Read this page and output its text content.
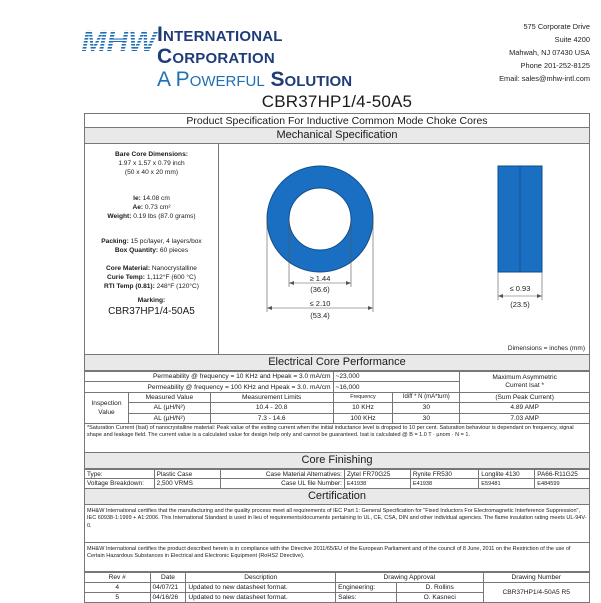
MHW International Corporation
A Powerful Solution
575 Corporate Drive
Suite 4200
Mahwah, NJ 07430 USA
Phone 201-252-8125
Email: sales@mhw-intl.com
CBR37HP1/4-50A5
Product Specification For Inductive Common Mode Choke Cores
Mechanical Specification
Bare Core Dimensions:
1.97 x 1.57 x 0.79 inch
(50 x 40 x 20 mm)
le:
14.08 cm
Ae:
0.73 cm²
Weight:
0.19 lbs (87.0 grams)
Packing:
15 pc/layer, 4 layers/box
Box Quantity:
60 pieces
Core Material:
Nanocrystalline
Curie Temp:
1,112°F (600 °C)
RTI Temp (0.81):
248°F (120°C)
Marking:
CBR37HP1/4-50A5
≥ 1.44
(36.6)
≤ 2.10
(53.4)
≤ 0.93
(23.5)
Dimensions = inches (mm)
Electrical Core Performance
Permeability @ frequency = 10 KHz and Hpeak = 3.0 mA/cm			~23,000		Maximum Asymmetric
Current Isat *

Permeability @ frequency = 100 KHz and Hpeak = 3.0. mA/cm			~16,000		
Inspection Value	Measured Value	Measurement Limits	Frequency	Idiff * N (mA*turn)	(Sum Peak Current)
	AL (µH/N²)	10.4 - 20.8	10 KHz	30	4.89 AMP
	AL (µH/N²)	7.3 - 14.6	100 KHz	30	7.03 AMP
*Saturation Current (Isat) of nanocrystalline material: Peak value of the exiting current when the initial inductance level is dropped to 10 per cent. Saturation behaviour is dependant on frequency, signal shape and leakage field. The current value is a calculated value for design help only and cannot be guaranteed. Isat is calculated @ B = 1.0 T · µnom · N = 1.
Core Finishing
Type:	Plastic Case	Case Material Alternatives:	Zytel FR70G25	Rynite FR530	Longlite 4130	PA66-R11G25
Voltage Breakdown:	2,500 VRMS	Case UL file Number:	E41938	E41938	E59481	E484599
Certification
MH&W International certifies that the manufacturing and the quality process meet all requirements of IEC Part 1: General Specification for "Fixed Inductors For Electromagnetic Interference Suppression", IEC 60938-1:1999 + A1:2006. This International Standard is used in lieu of requirements/documents pertaining to UL, CE, CSA, DIN and other individual agencies. The flame insulation rating meets UL-94V-0.
MH&W International certifies the product described herein is in compliance with the Directive 2011/65/EU of the European Parliament and of the council of 8 June, 2011 on the Restriction of the use of Certain Hazardous Substances in Electrical and Electronic Equipment (RoHS2 Directive).
Rev #	Date	Description	Drawing Approval		Drawing Number
4	04/07/21	Updated to new datasheet format.	Engineering:	D. Rollins	CBR37HP1/4-50A5 R5
5	04/16/26	Updated to new datasheet format.	Sales:	O. Kasneci	
